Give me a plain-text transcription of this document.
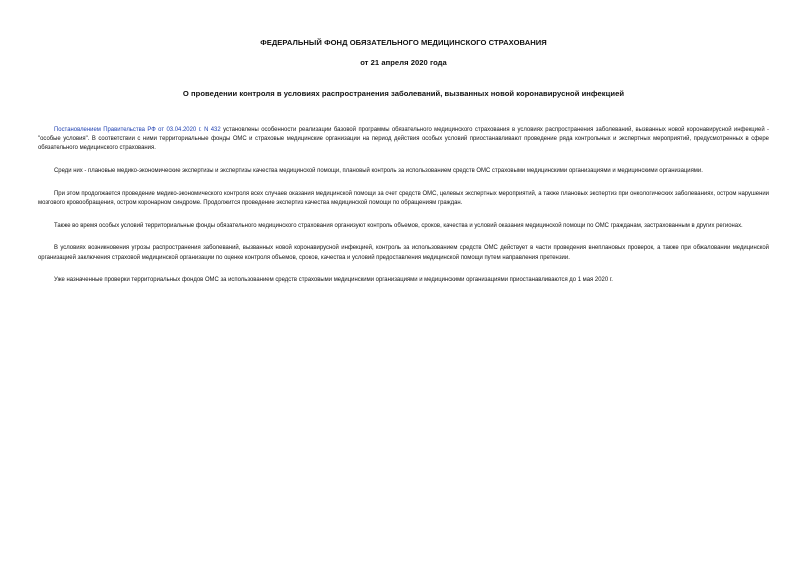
ФЕДЕРАЛЬНЫЙ ФОНД ОБЯЗАТЕЛЬНОГО МЕДИЦИНСКОГО СТРАХОВАНИЯ
от 21 апреля 2020 года
О проведении контроля в условиях распространения заболеваний, вызванных новой коронавирусной инфекцией

Постановлением Правительства РФ от 03.04.2020 г. N 432 установлены особенности реализации базовой программы обязательного медицинского страхования в условиях распространения заболеваний, вызванных новой коронавирусной инфекцией - "особые условия". В соответствии с ними территориальные фонды ОМС и страховые медицинские организации на период действия особых условий приостанавливают проведение ряда контрольных и экспертных мероприятий, предусмотренных в сфере обязательного медицинского страхования.

Среди них - плановые медико-экономические экспертизы и экспертизы качества медицинской помощи, плановый контроль за использованием средств ОМС страховыми медицинскими организациями и медицинскими организациями.

При этом продолжается проведение медико-экономического контроля всех случаев оказания медицинской помощи за счет средств ОМС, целевых экспертных мероприятий, а также плановых экспертиз при онкологических заболеваниях, остром нарушении мозгового кровообращения, остром коронарном синдроме. Продолжится проведение экспертиз качества медицинской помощи по обращениям граждан.

Также во время особых условий территориальные фонды обязательного медицинского страхования организуют контроль объемов, сроков, качества и условий оказания медицинской помощи по ОМС гражданам, застрахованным в других регионах.

В условиях возникновения угрозы распространения заболеваний, вызванных новой коронавирусной инфекцией, контроль за использованием средств ОМС действует в части проведения внеплановых проверок, а также при обжаловании медицинской организацией заключения страховой медицинской организации по оценке контроля объемов, сроков, качества и условий предоставления медицинской помощи путем направления претензии.

Уже назначенные проверки территориальных фондов ОМС за использованием средств страховыми медицинскими организациями и медицинскими организациями приостанавливаются до 1 мая 2020 г.
